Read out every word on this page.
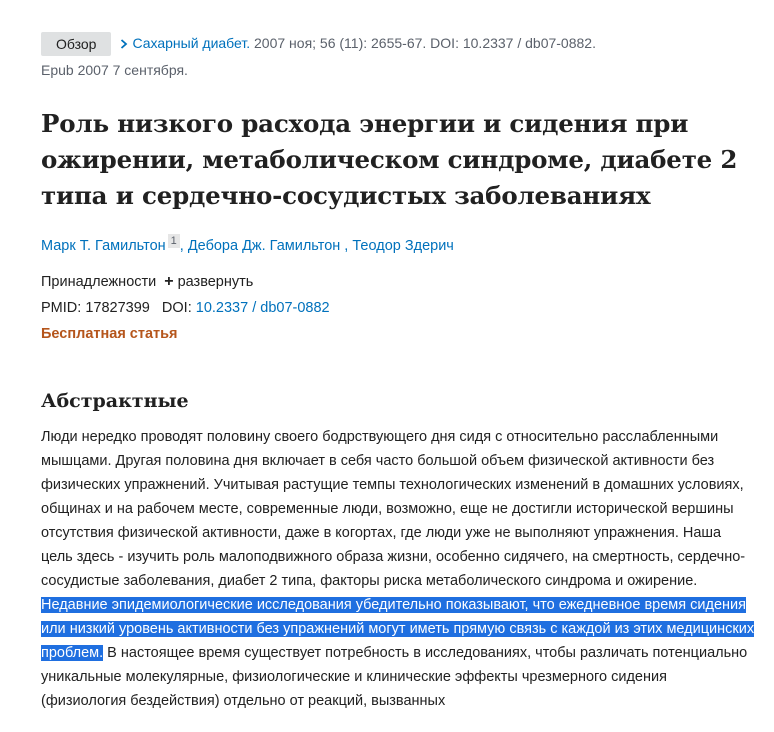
Обзор	Сахарный диабет. 2007 ноя; 56 (11): 2655-67. DOI: 10.2337 / db07-0882.
Epub 2007 7 сентября.
Роль низкого расхода энергии и сидения при ожирении, метаболическом синдроме, диабете 2 типа и сердечно-сосудистых заболеваниях
Марк Т. Гамильтон 1 , Дебора Дж. Гамильтон , Теодор Здерич
Принадлежности + развернуть
PMID: 17827399 DOI: 10.2337 / db07-0882
Бесплатная статья
Абстрактные
Люди нередко проводят половину своего бодрствующего дня сидя с относительно расслабленными мышцами. Другая половина дня включает в себя часто большой объем физической активности без физических упражнений. Учитывая растущие темпы технологических изменений в домашних условиях, общинах и на рабочем месте, современные люди, возможно, еще не достигли исторической вершины отсутствия физической активности, даже в когортах, где люди уже не выполняют упражнения. Наша цель здесь - изучить роль малоподвижного образа жизни, особенно сидячего, на смертность, сердечно-сосудистые заболевания, диабет 2 типа, факторы риска метаболического синдрома и ожирение. Недавние эпидемиологические исследования убедительно показывают, что ежедневное время сидения или низкий уровень активности без упражнений могут иметь прямую связь с каждой из этих медицинских проблем. В настоящее время существует потребность в исследованиях, чтобы различать потенциально уникальные молекулярные, физиологические и клинические эффекты чрезмерного сидения (физиология бездействия) отдельно от реакций, вызванных
